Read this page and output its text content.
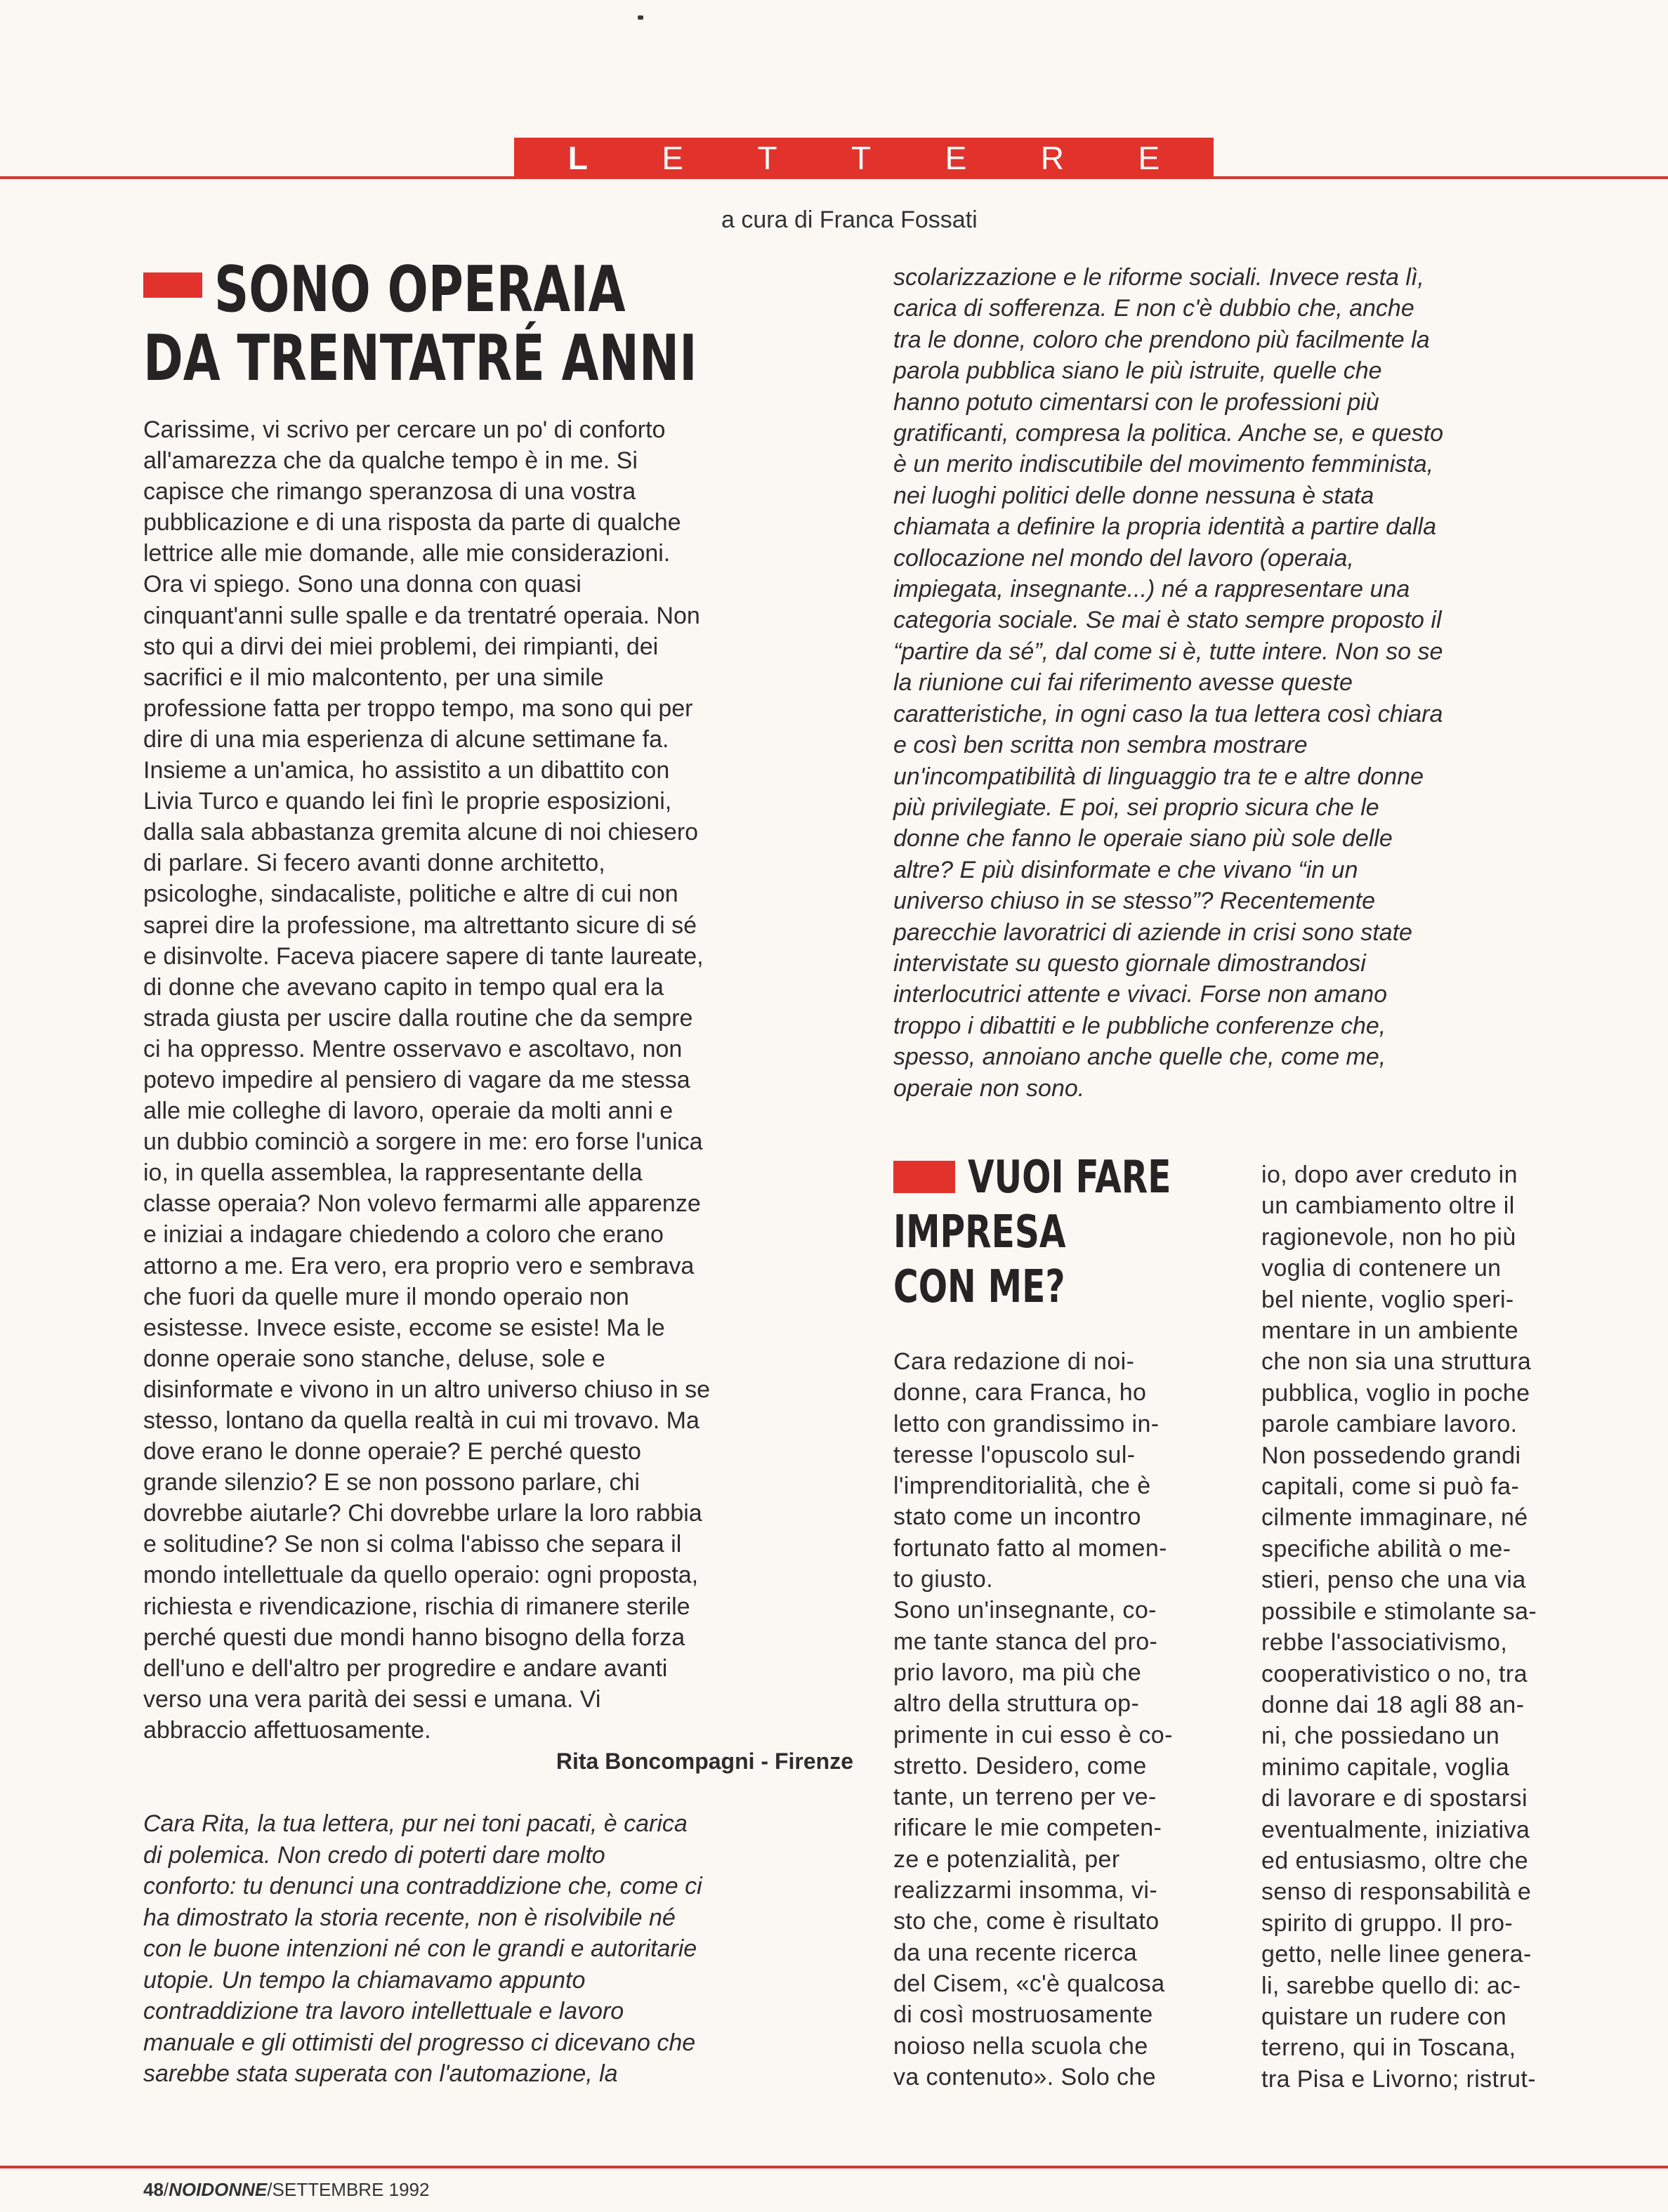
L E T T E R E
a cura di Franca Fossati
SONO OPERAIA
DA TRENTATRÉ ANNI
Carissime, vi scrivo per cercare un po' di conforto
all'amarezza che da qualche tempo è in me. Si
capisce che rimango speranzosa di una vostra
pubblicazione e di una risposta da parte di qualche
lettrice alle mie domande, alle mie considerazioni.
Ora vi spiego. Sono una donna con quasi
cinquant'anni sulle spalle e da trentatré operaia. Non
sto qui a dirvi dei miei problemi, dei rimpianti, dei
sacrifici e il mio malcontento, per una simile
professione fatta per troppo tempo, ma sono qui per
dire di una mia esperienza di alcune settimane fa.
Insieme a un'amica, ho assistito a un dibattito con
Livia Turco e quando lei finì le proprie esposizioni,
dalla sala abbastanza gremita alcune di noi chiesero
di parlare. Si fecero avanti donne architetto,
psicologhe, sindacaliste, politiche e altre di cui non
saprei dire la professione, ma altrettanto sicure di sé
e disinvolte. Faceva piacere sapere di tante laureate,
di donne che avevano capito in tempo qual era la
strada giusta per uscire dalla routine che da sempre
ci ha oppresso. Mentre osservavo e ascoltavo, non
potevo impedire al pensiero di vagare da me stessa
alle mie colleghe di lavoro, operaie da molti anni e
un dubbio cominciò a sorgere in me: ero forse l'unica
io, in quella assemblea, la rappresentante della
classe operaia? Non volevo fermarmi alle apparenze
e iniziai a indagare chiedendo a coloro che erano
attorno a me. Era vero, era proprio vero e sembrava
che fuori da quelle mure il mondo operaio non
esistesse. Invece esiste, eccome se esiste! Ma le
donne operaie sono stanche, deluse, sole e
disinformate e vivono in un altro universo chiuso in se
stesso, lontano da quella realtà in cui mi trovavo. Ma
dove erano le donne operaie? E perché questo
grande silenzio? E se non possono parlare, chi
dovrebbe aiutarle? Chi dovrebbe urlare la loro rabbia
e solitudine? Se non si colma l'abisso che separa il
mondo intellettuale da quello operaio: ogni proposta,
richiesta e rivendicazione, rischia di rimanere sterile
perché questi due mondi hanno bisogno della forza
dell'uno e dell'altro per progredire e andare avanti
verso una vera parità dei sessi e umana. Vi
abbraccio affettuosamente.
Rita Boncompagni - Firenze
Cara Rita, la tua lettera, pur nei toni pacati, è carica
di polemica. Non credo di poterti dare molto
conforto: tu denunci una contraddizione che, come ci
ha dimostrato la storia recente, non è risolvibile né
con le buone intenzioni né con le grandi e autoritarie
utopie. Un tempo la chiamavamo appunto
contraddizione tra lavoro intellettuale e lavoro
manuale e gli ottimisti del progresso ci dicevano che
sarebbe stata superata con l'automazione, la
scolarizzazione e le riforme sociali. Invece resta lì,
carica di sofferenza. E non c'è dubbio che, anche
tra le donne, coloro che prendono più facilmente la
parola pubblica siano le più istruite, quelle che
hanno potuto cimentarsi con le professioni più
gratificanti, compresa la politica. Anche se, e questo
è un merito indiscutibile del movimento femminista,
nei luoghi politici delle donne nessuna è stata
chiamata a definire la propria identità a partire dalla
collocazione nel mondo del lavoro (operaia,
impiegata, insegnante...) né a rappresentare una
categoria sociale. Se mai è stato sempre proposto il
“partire da sé”, dal come si è, tutte intere. Non so se
la riunione cui fai riferimento avesse queste
caratteristiche, in ogni caso la tua lettera così chiara
e così ben scritta non sembra mostrare
un'incompatibilità di linguaggio tra te e altre donne
più privilegiate. E poi, sei proprio sicura che le
donne che fanno le operaie siano più sole delle
altre? E più disinformate e che vivano “in un
universo chiuso in se stesso”? Recentemente
parecchie lavoratrici di aziende in crisi sono state
intervistate su questo giornale dimostrandosi
interlocutrici attente e vivaci. Forse non amano
troppo i dibattiti e le pubbliche conferenze che,
spesso, annoiano anche quelle che, come me,
operaie non sono.
VUOI FARE
IMPRESA
CON ME?
Cara redazione di noi-
donne, cara Franca, ho
letto con grandissimo in-
teresse l'opuscolo sul-
l'imprenditorialità, che è
stato come un incontro
fortunato fatto al momen-
to giusto.
Sono un'insegnante, co-
me tante stanca del pro-
prio lavoro, ma più che
altro della struttura op-
primente in cui esso è co-
stretto. Desidero, come
tante, un terreno per ve-
rificare le mie competen-
ze e potenzialità, per
realizzarmi insomma, vi-
sto che, come è risultato
da una recente ricerca
del Cisem, «c'è qualcosa
di così mostruosamente
noioso nella scuola che
va contenuto». Solo che
io, dopo aver creduto in
un cambiamento oltre il
ragionevole, non ho più
voglia di contenere un
bel niente, voglio speri-
mentare in un ambiente
che non sia una struttura
pubblica, voglio in poche
parole cambiare lavoro.
Non possedendo grandi
capitali, come si può fa-
cilmente immaginare, né
specifiche abilità o me-
stieri, penso che una via
possibile e stimolante sa-
rebbe l'associativismo,
cooperativistico o no, tra
donne dai 18 agli 88 an-
ni, che possiedano un
minimo capitale, voglia
di lavorare e di spostarsi
eventualmente, iniziativa
ed entusiasmo, oltre che
senso di responsabilità e
spirito di gruppo. Il pro-
getto, nelle linee genera-
li, sarebbe quello di: ac-
quistare un rudere con
terreno, qui in Toscana,
tra Pisa e Livorno; ristrut-
48/NOIDONNE/SETTEMBRE 1992
